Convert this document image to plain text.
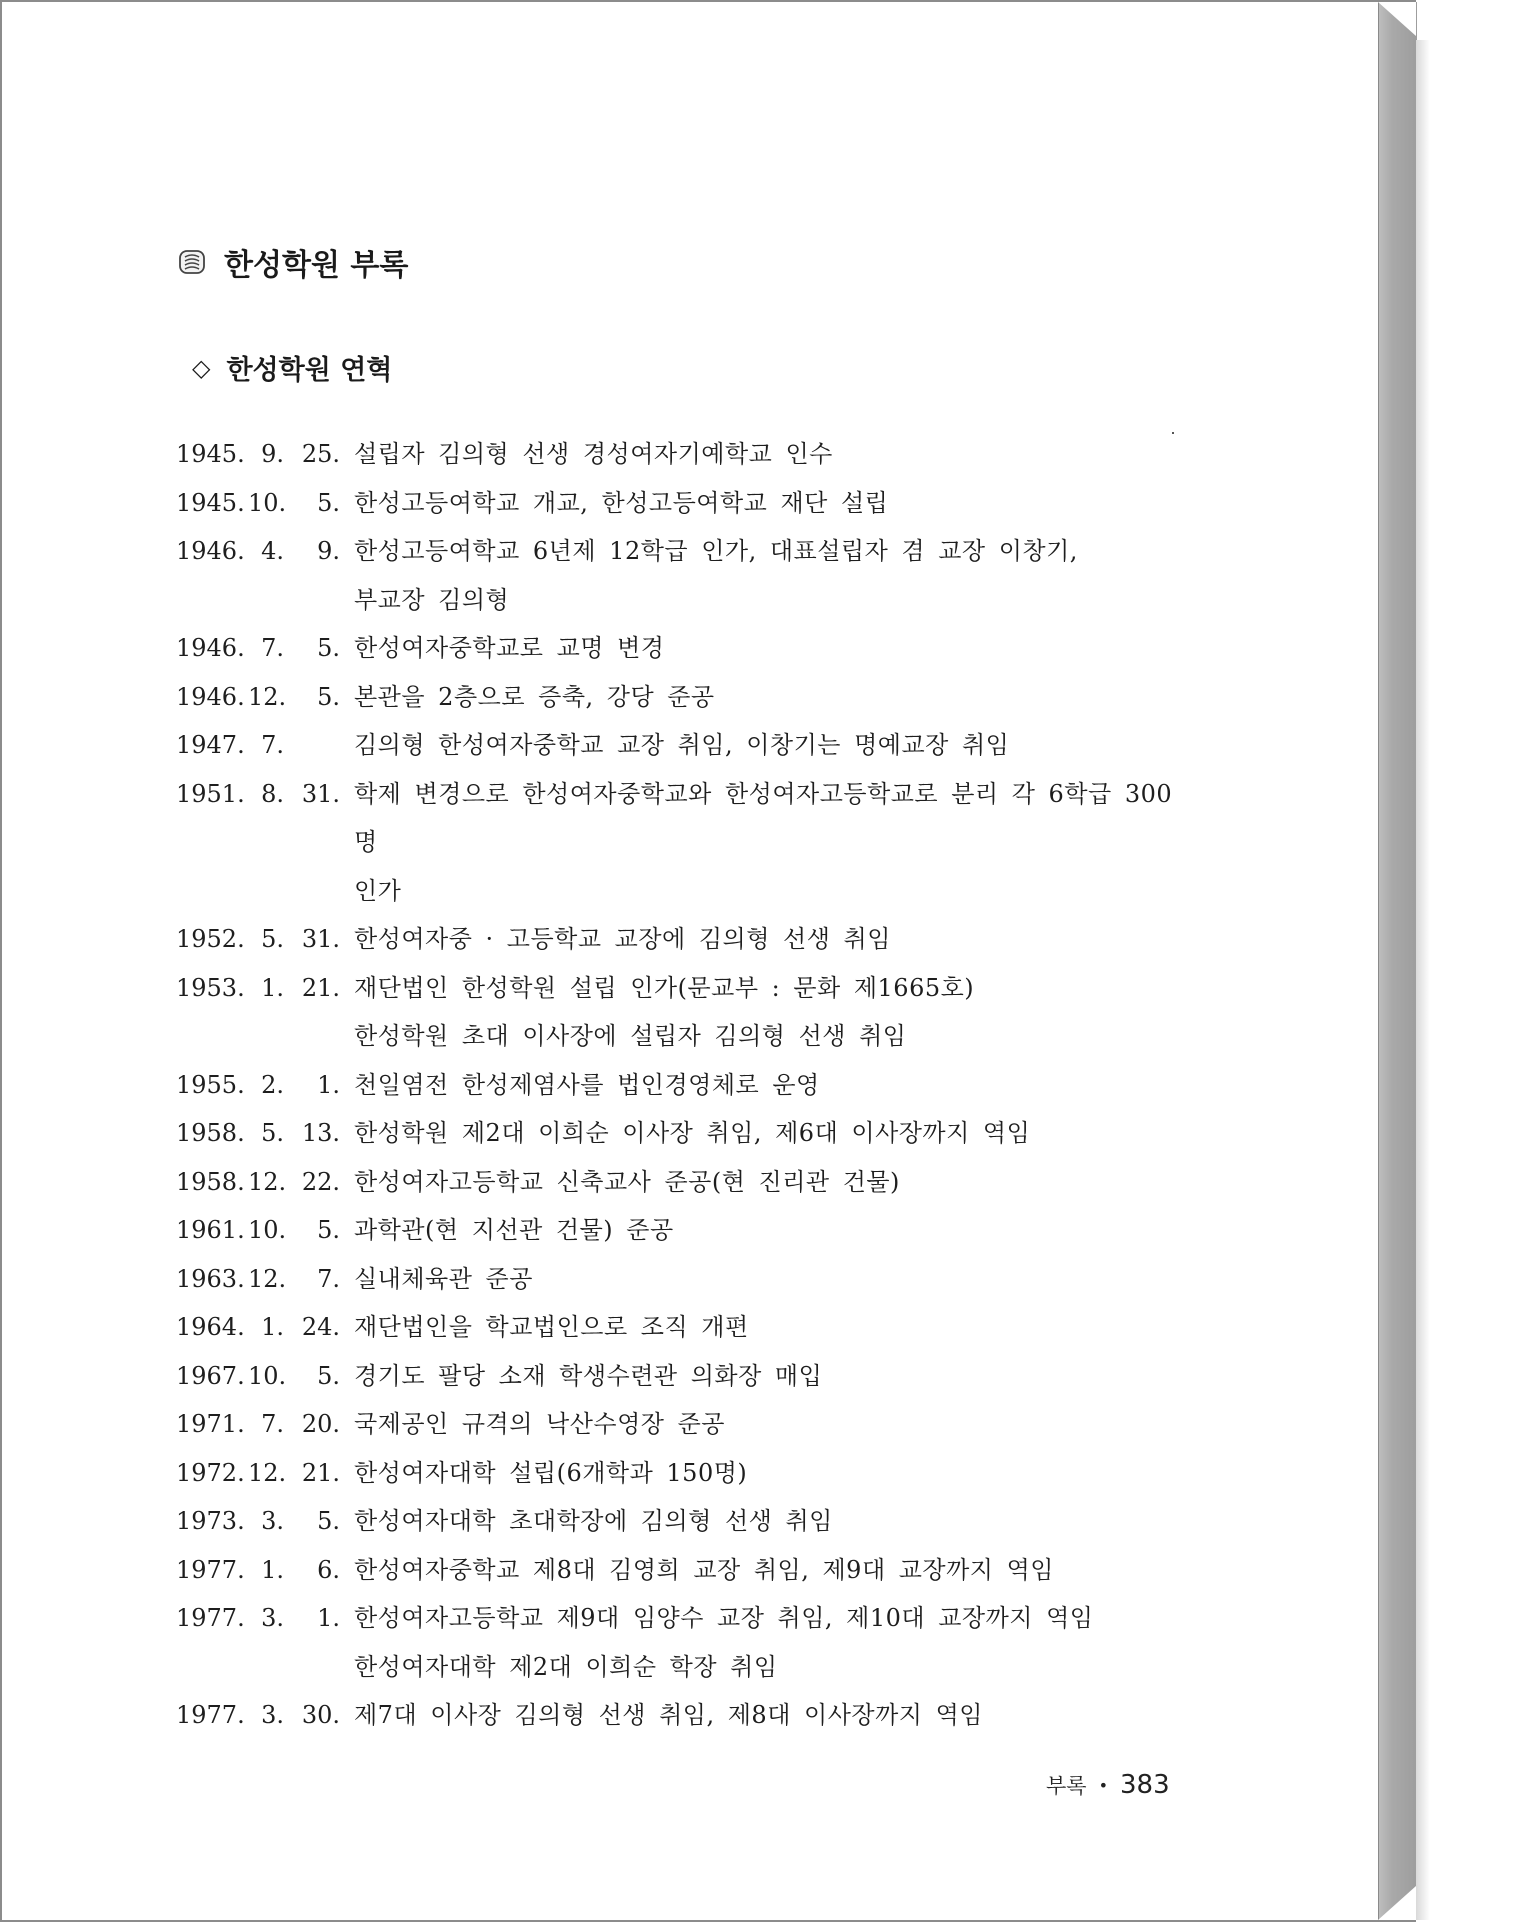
한성학원 부록
◇ 한성학원 연혁
1945. 9. 25. 설립자 김의형 선생 경성여자기예학교 인수
1945. 10.	5. 한성고등여학교 개교, 한성고등여학교 재단 설립
1946. 4.	9. 한성고등여학교 6년제 12학급 인가, 대표설립자 겸 교장 이창기,
부교장 김의형
1946. 7.	5. 한성여자중학교로 교명 변경
1946. 12.	5. 본관을 2층으로 증축, 강당 준공
1947. 7.	김의형 한성여자중학교 교장 취임, 이창기는 명예교장 취임
1951. 8. 31. 학제 변경으로 한성여자중학교와 한성여자고등학교로 분리 각 6학급 300명
인가
1952. 5. 31. 한성여자중 · 고등학교 교장에 김의형 선생 취임
1953. 1. 21. 재단법인 한성학원 설립 인가(문교부 : 문화 제1665호)
한성학원 초대 이사장에 설립자 김의형 선생 취임
1955. 2.	1. 천일염전 한성제염사를 법인경영체로 운영
1958. 5. 13. 한성학원 제2대 이희순 이사장 취임, 제6대 이사장까지 역임
1958. 12. 22. 한성여자고등학교 신축교사 준공(현 진리관 건물)
1961. 10.	5. 과학관(현 지선관 건물) 준공
1963. 12.	7. 실내체육관 준공
1964. 1. 24. 재단법인을 학교법인으로 조직 개편
1967. 10.	5. 경기도 팔당 소재 학생수련관 의화장 매입
1971. 7. 20. 국제공인 규격의 낙산수영장 준공
1972. 12. 21. 한성여자대학 설립(6개학과 150명)
1973. 3.	5. 한성여자대학 초대학장에 김의형 선생 취임
1977. 1.	6. 한성여자중학교 제8대 김영희 교장 취임, 제9대 교장까지 역임
1977. 3.	1. 한성여자고등학교 제9대 임양수 교장 취임, 제10대 교장까지 역임
한성여자대학 제2대 이희순 학장 취임
1977. 3. 30. 제7대 이사장 김의형 선생 취임, 제8대 이사장까지 역임
부록 • 383
